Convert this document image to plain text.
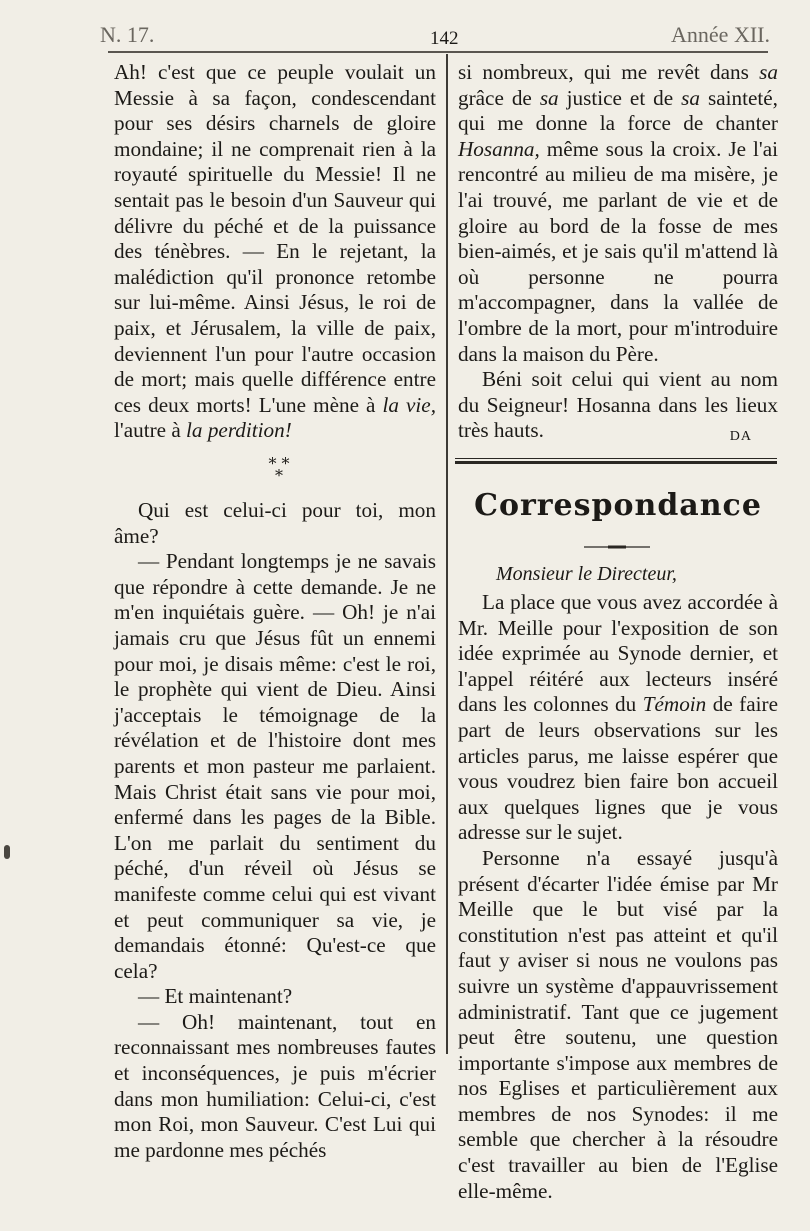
N. 17.	142	Année XII.

Ah! c'est que ce peuple voulait un Messie à sa façon, condescendant pour ses désirs charnels de gloire mondaine; il ne comprenait rien à la royauté spirituelle du Messie! Il ne sentait pas le besoin d'un Sauveur qui délivre du péché et de la puissance des ténèbres. — En le rejetant, la malédiction qu'il prononce retombe sur lui-même. Ainsi Jésus, le roi de paix, et Jérusalem, la ville de paix, deviennent l'un pour l'autre occasion de mort; mais quelle différence entre ces deux morts! L'une mène à la vie, l'autre à la perdition!

* * *

Qui est celui-ci pour toi, mon âme?

— Pendant longtemps je ne savais que répondre à cette demande. Je ne m'en inquiétais guère. — Oh! je n'ai jamais cru que Jésus fût un ennemi pour moi, je disais même: c'est le roi, le prophète qui vient de Dieu. Ainsi j'acceptais le témoignage de la révélation et de l'histoire dont mes parents et mon pasteur me parlaient. Mais Christ était sans vie pour moi, enfermé dans les pages de la Bible. L'on me parlait du sentiment du péché, d'un réveil où Jésus se manifeste comme celui qui est vivant et peut communiquer sa vie, je demandais étonné: Qu'est-ce que cela?

— Et maintenant?

— Oh! maintenant, tout en reconnaissant mes nombreuses fautes et inconséquences, je puis m'écrier dans mon humiliation: Celui-ci, c'est mon Roi, mon Sauveur. C'est Lui qui me pardonne mes péchés

si nombreux, qui me revêt dans sa grâce de sa justice et de sa sainteté, qui me donne la force de chanter Hosanna, même sous la croix. Je l'ai rencontré au milieu de ma misère, je l'ai trouvé, me parlant de vie et de gloire au bord de la fosse de mes bien-aimés, et je sais qu'il m'attend là où personne ne pourra m'accompagner, dans la vallée de l'ombre de la mort, pour m'introduire dans la maison du Père.

Béni soit celui qui vient au nom du Seigneur! Hosanna dans les lieux très hauts.	DA

Correspondance
Monsieur le Directeur,

La place que vous avez accordée à Mr. Meille pour l'exposition de son idée exprimée au Synode dernier, et l'appel réitéré aux lecteurs inséré dans les colonnes du Témoin de faire part de leurs observations sur les articles parus, me laisse espérer que vous voudrez bien faire bon accueil aux quelques lignes que je vous adresse sur le sujet.

Personne n'a essayé jusqu'à présent d'écarter l'idée émise par Mr Meille que le but visé par la constitution n'est pas atteint et qu'il faut y aviser si nous ne voulons pas suivre un système d'appauvrissement administratif. Tant que ce jugement peut être soutenu, une question importante s'impose aux membres de nos Eglises et particulièrement aux membres de nos Synodes: il me semble que chercher à la résoudre c'est travailler au bien de l'Eglise elle-même.
